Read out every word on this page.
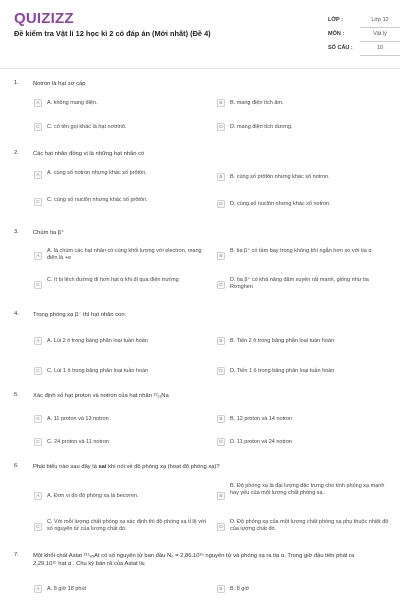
QUIZIZZ
Đề kiểm tra Vật lí 12 học kì 2 có đáp án (Mới nhất) (Đề 4)
LỚP :	Lớp 12
MÔN :	Vật lý
SỐ CÂU :	10
1. Notron là hạt sơ cấp
A	A. không mang điện.	B	B. mang điện tích âm.
C	C. có tên gọi khác là hạt nơtrinô.	D	D. mang điện tích dương.
2. Các hạt nhân đồng vị là những hạt nhân có
A	A. cùng số notron nhưng khác số prôtôn.
B	B. cùng số prôtôn nhưng khác số notron.
C	C. cùng số nuclôn nhưng khác số prôtôn.
D	D. cùng số nuclôn nhưng khác số notron.
3. Chùm tia β⁺
A
A. là chùm các hạt nhân có cùng khối lượng với electron, mang điện là +e	B
B. tia β⁺ có tầm bay trong không khí ngắn hơn so với tia α
C
C. ít bị lệch đường đi hơn hạt α khi đi qua điện trường
D
D. tia β⁺ có khả năng đâm xuyên rất mạnh, giống như tia Rơnghen
4. Trong phóng xạ β⁻ thì hạt nhân con:
A	A. Lùi 2 ô trong bảng phân loại tuần hoàn	B	B. Tiến 2 ô trong bảng phân loại tuần hoàn
C	C. Lùi 1 ô trong bảng phân loại tuần hoàn	D	D. Tiến 1 ô trong bảng phân loại tuần hoàn
5. Xác định số hạt proton và notron của hạt nhân ²³₁₁Na
A	A. 11 proton và 13 notron	B	B. 12 proton và 14 notron
C	C. 24 proton và 11 notron	D	D. 11 proton và 24 notron
6. Phát biểu nào sau đây là sai khi nói về độ phóng xạ (hoạt độ phóng xạ)?
A	A. Đơn vị đo độ phóng xạ là becơren.	B
B. Độ phóng xạ là đại lượng đặc trưng cho tính phóng xạ mạnh hay yếu của một lượng chất phóng xạ.
C
C. Với mỗi lượng chất phóng xạ xác định thì độ phóng xạ tỉ lệ với số nguyên tử của lượng chất đó.	D
D. Độ phóng xạ của một lượng chất phóng xạ phụ thuộc nhiệt độ của lượng chất đó.
7. Một khối chất Astat ²¹¹₈₅At có số nguyên tử ban đầu N₀ = 2,86.10¹⁶ nguyên tử và phóng xạ ra tia α. Trong giờ đầu tiên phát ra 2,29.10¹⁵ hạt α . Chu kỳ bán rã của Astat là:
A	A. 8 giờ 18 phút	B	B. 8 giờ
